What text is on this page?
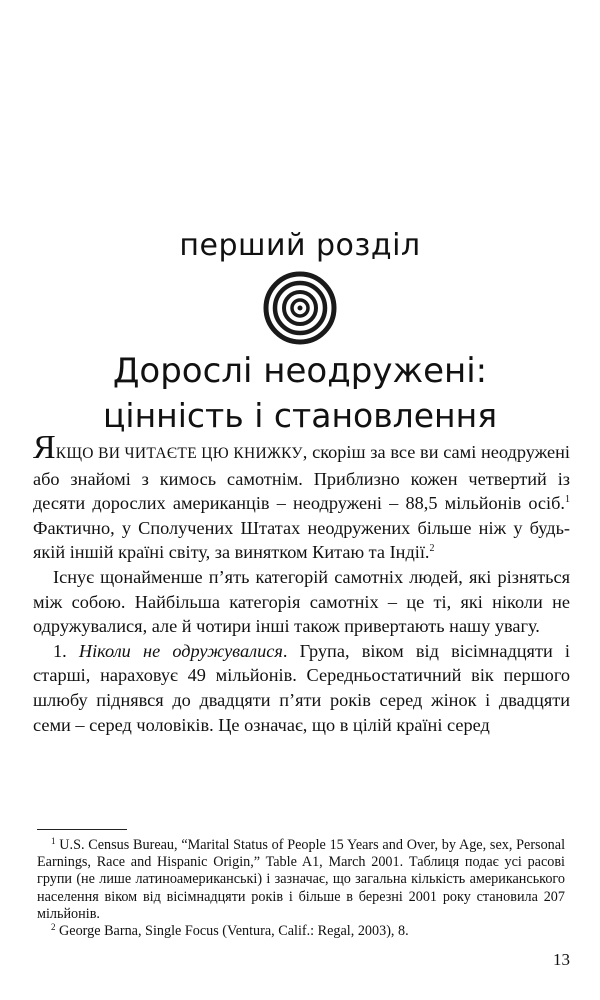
перший розділ
Дорослі неодружені:
цінність і становлення

ЯКЩО ВИ ЧИТАЄТЕ ЦЮ КНИЖКУ, скоріш за все ви самі неодружені або знайомі з кимось самотнім. Приблизно кожен четвертий із десяти дорослих американців – неодружені – 88,5 мільйонів осіб.$^1$ Фактично, у Сполучених Штатах неодружених більше ніж у будь-якій іншій країні світу, за винятком Китаю та Індії.$^2$

Існує щонайменше п’ять категорій самотніх людей, які різняться між собою. Найбільша категорія самотніх – це ті, які ніколи не одружувалися, але й чотири інші також привертають нашу увагу.

1. Ніколи не одружувалися. Група, віком від вісімнадцяти і старші, нараховує 49 мільйонів. Середньостатичний вік першого шлюбу піднявся до двадцяти п’яти років серед жінок і двадцяти семи – серед чоловіків. Це означає, що в цілій країні серед

$^1$ U.S. Census Bureau, “Marital Status of People 15 Years and Over, by Age, sex, Personal Earnings, Race and Hispanic Origin,” Table A1, March 2001. Таблиця подає усі расові групи (не лише латиноамериканські) і зазначає, що загальна кількість американського населення віком від вісімнадцяти років і більше в березні 2001 року становила 207 мільйонів.

$^2$ George Barna, Single Focus (Ventura, Calif.: Regal, 2003), 8.

13
